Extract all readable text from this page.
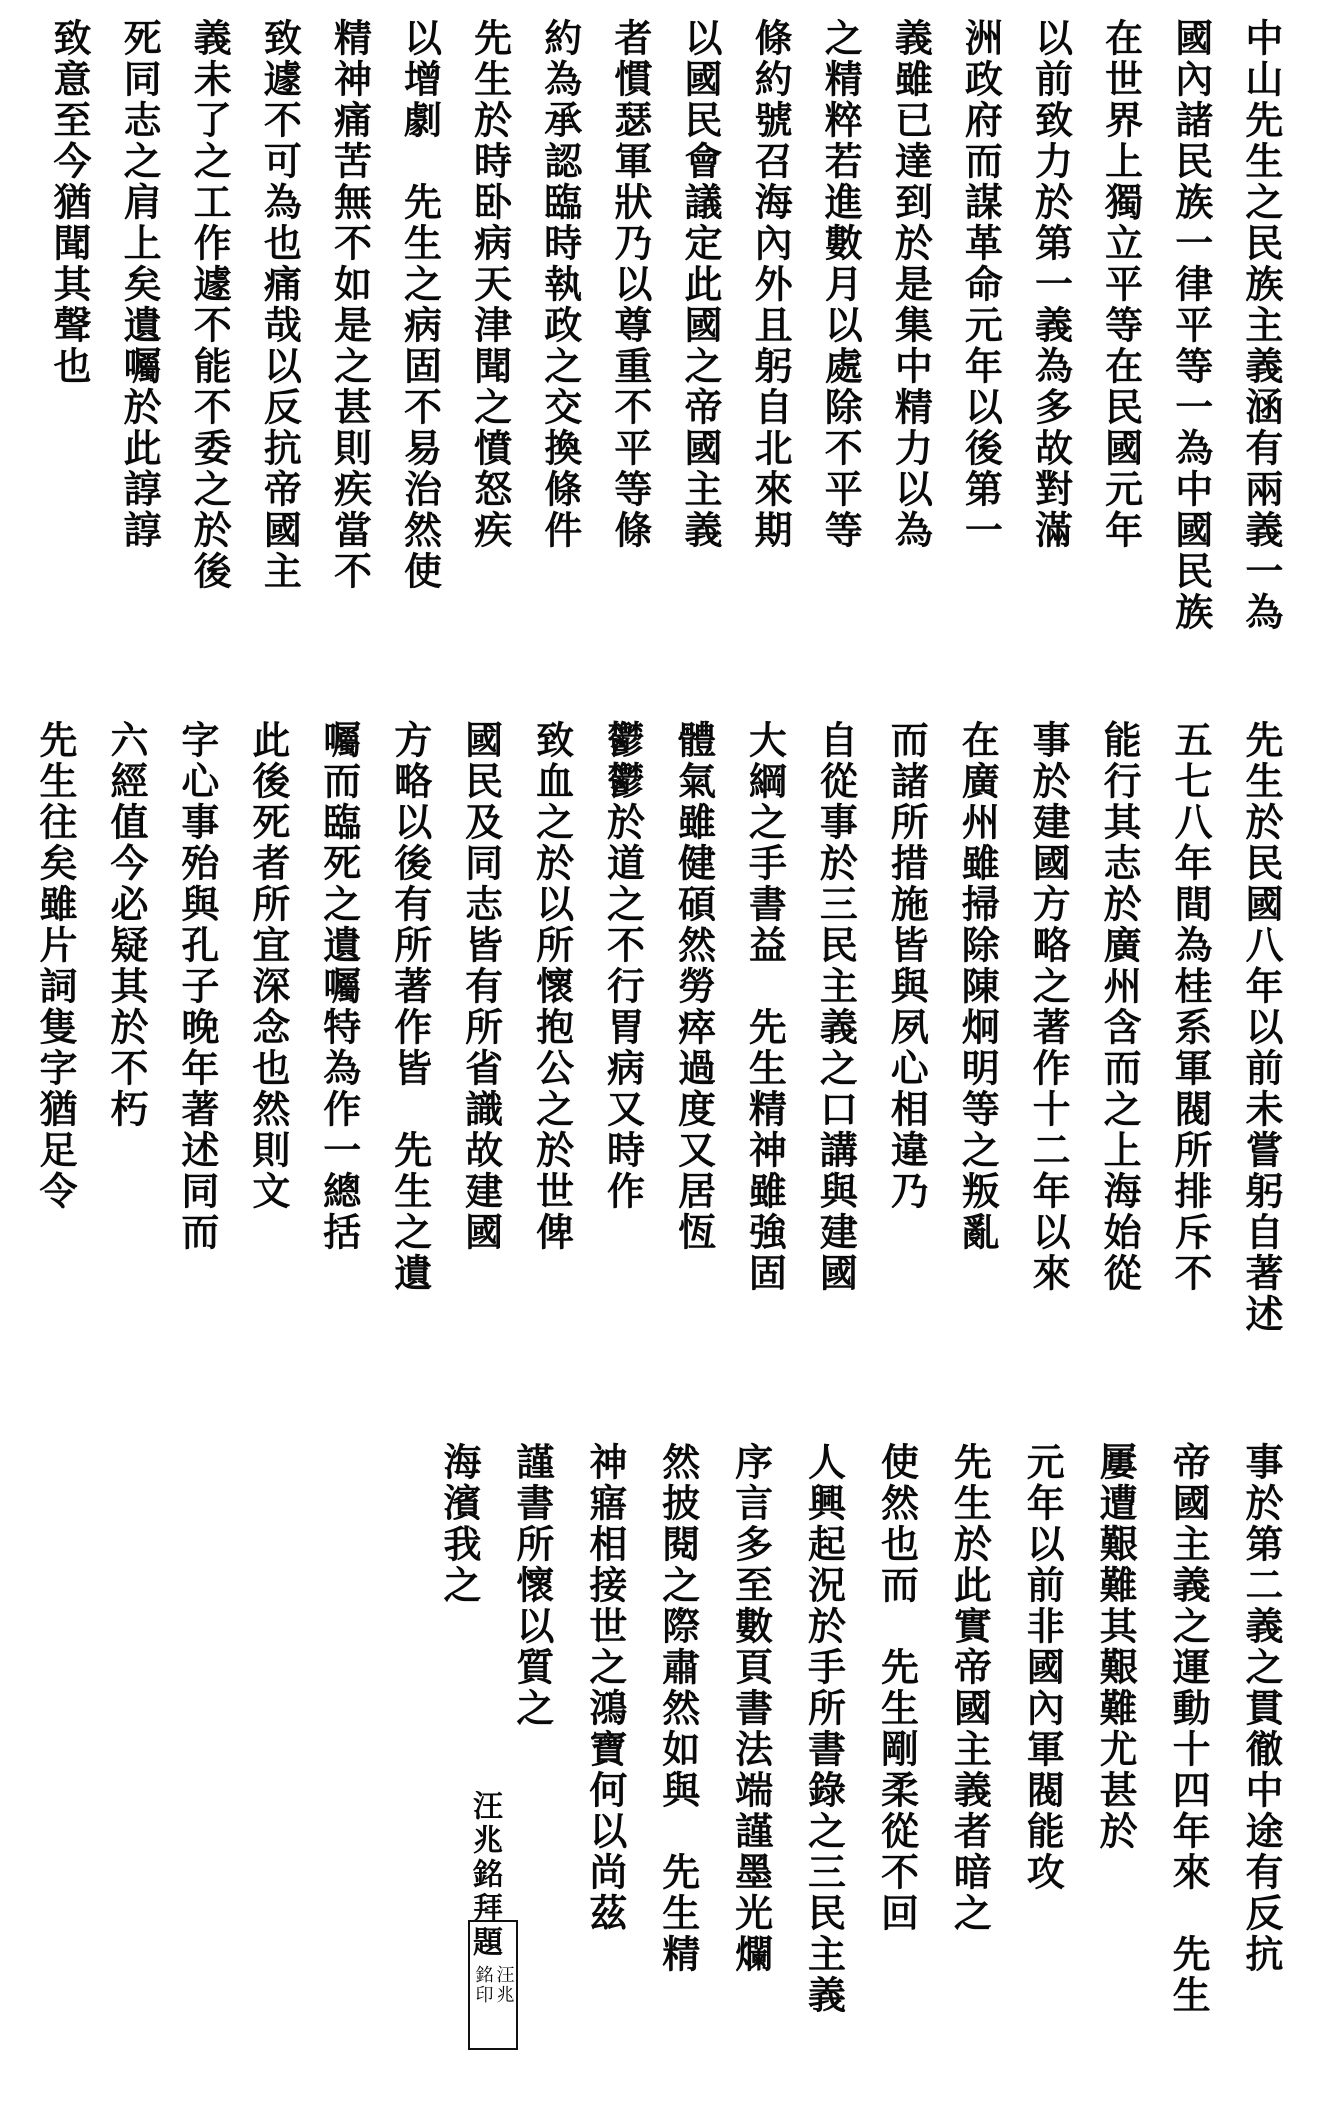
中山先生之民族主義涵有兩義一為
國內諸民族一律平等一為中國民族
在世界上獨立平等在民國元年
以前致力於第一義為多故對滿
洲政府而謀革命元年以後第一
義雖已達到於是集中精力以為
之精粹若進數月以處除不平等
條約號召海內外且躬自北來期
以國民會議定此國之帝國主義
者慣瑟軍狀乃以尊重不平等條
約為承認臨時執政之交換條件
先生於時卧病天津聞之憤怒疾
以增劇　先生之病固不易治然使
精神痛苦無不如是之甚則疾當不
致遽不可為也痛哉以反抗帝國主
義未了之工作遽不能不委之於後
死同志之肩上矣遺囑於此諄諄
致意至今猶聞其聲也
先生於民國八年以前未嘗躬自著述
五七八年間為桂系軍閥所排斥不
能行其志於廣州含而之上海始從
事於建國方略之著作十二年以來
在廣州雖掃除陳炯明等之叛亂
而諸所措施皆與夙心相違乃
自從事於三民主義之口講與建國
大綱之手書益　先生精神雖強固
體氣雖健碩然勞瘁過度又居恆
鬱鬱於道之不行胃病又時作
致血之於以所懷抱公之於世俾
國民及同志皆有所省識故建國
方略以後有所著作皆　先生之遺
囑而臨死之遺囑特為作一總括
此後死者所宜深念也然則文
字心事殆與孔子晚年著述同而
六經值今必疑其於不朽
先生往矣雖片詞隻字猶足令
事於第二義之貫徹中途有反抗
帝國主義之運動十四年來　先生
屢遭艱難其艱難尤甚於
元年以前非國內軍閥能攻
先生於此實帝國主義者暗之
使然也而　先生剛柔從不回
人興起況於手所書錄之三民主義
序言多至數頁書法端謹墨光爛
然披閱之際肅然如與　先生精
神寤相接世之鴻寶何以尚茲
謹書所懷以質之
海濱我之
汪兆銘拜題
汪兆
銘印
